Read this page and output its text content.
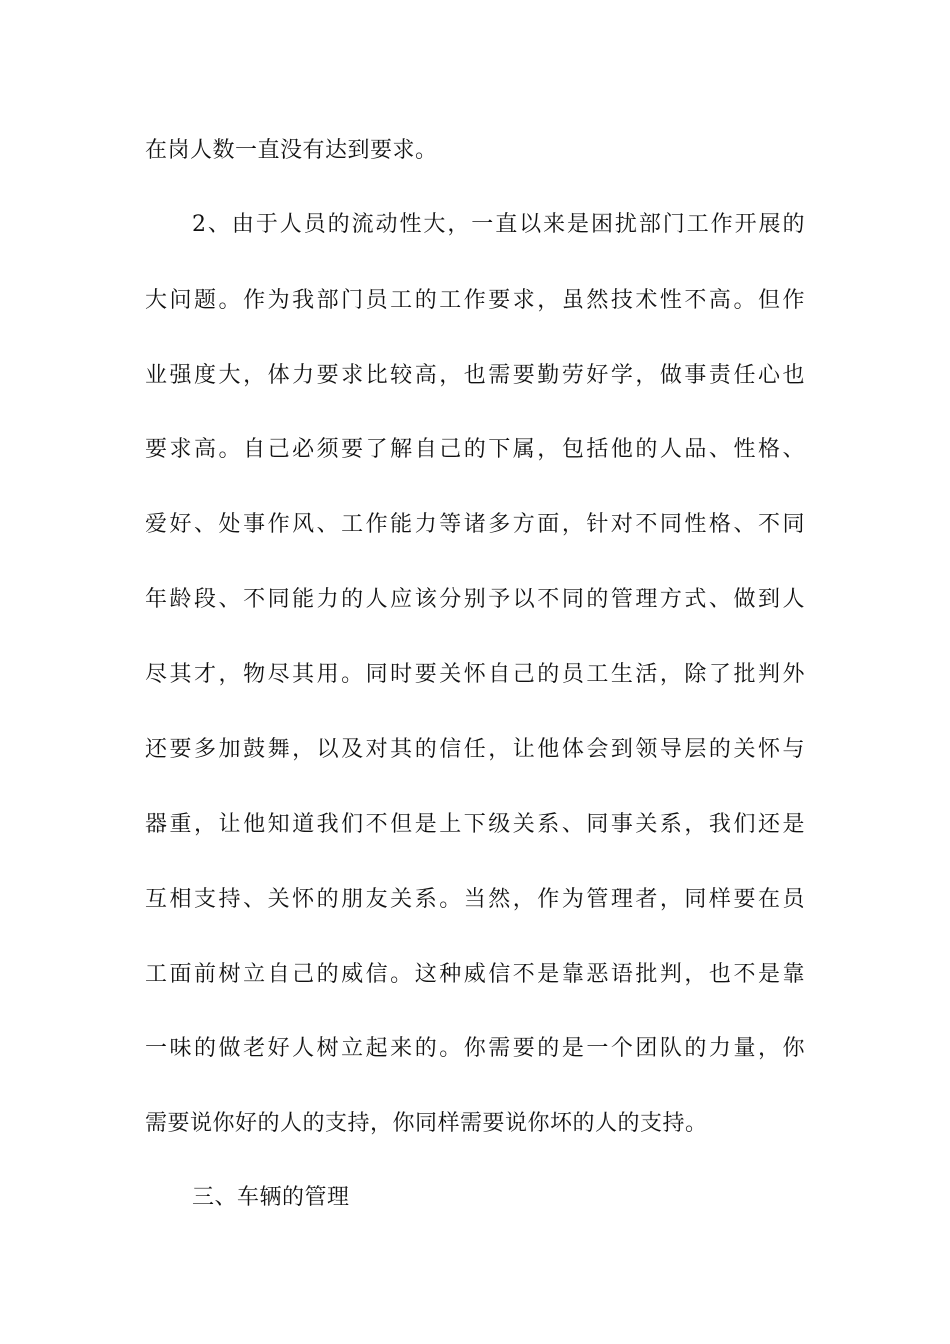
在岗人数一直没有达到要求。
2、由于人员的流动性大，一直以来是困扰部门工作开展的
大问题。作为我部门员工的工作要求，虽然技术性不高。但作
业强度大，体力要求比较高，也需要勤劳好学，做事责任心也
要求高。自己必须要了解自己的下属，包括他的人品、性格、
爱好、处事作风、工作能力等诸多方面，针对不同性格、不同
年龄段、不同能力的人应该分别予以不同的管理方式、做到人
尽其才，物尽其用。同时要关怀自己的员工生活，除了批判外
还要多加鼓舞，以及对其的信任，让他体会到领导层的关怀与
器重，让他知道我们不但是上下级关系、同事关系，我们还是
互相支持、关怀的朋友关系。当然，作为管理者，同样要在员
工面前树立自己的威信。这种威信不是靠恶语批判，也不是靠
一味的做老好人树立起来的。你需要的是一个团队的力量，你
需要说你好的人的支持，你同样需要说你坏的人的支持。
三、车辆的管理
